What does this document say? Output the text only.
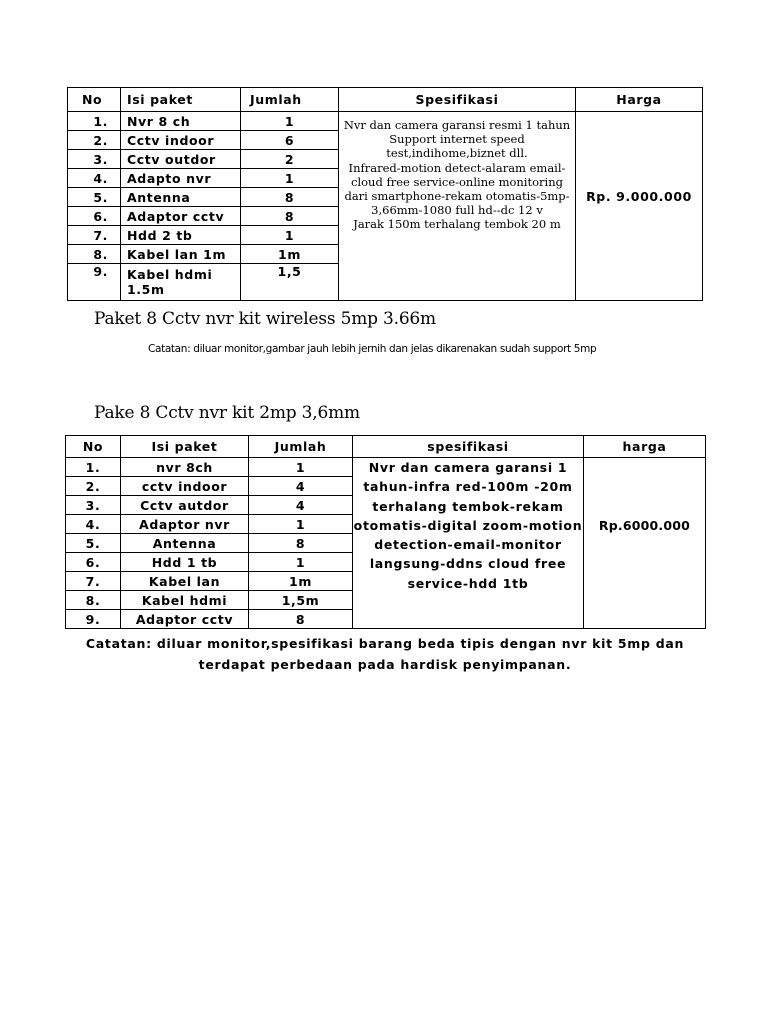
No	Isi paket	Jumlah	Spesifikasi	Harga
1.	Nvr 8 ch	1	Nvr dan camera garansi resmi 1 tahun
Support internet speed test,indihome,biznet dll.
Infrared-motion detect-alaram email-cloud free service-online monitoring dari smartphone-rekam otomatis-5mp-3,66mm-1080 full hd--dc 12 v
Jarak 150m terhalang tembok 20 m	Rp. 9.000.000
2.	Cctv indoor	6		
3.	Cctv outdor	2		
4.	Adapto nvr	1		
5.	Antenna	8		
6.	Adaptor cctv	8		
7.	Hdd 2 tb	1		
8.	Kabel lan 1m	1m		
9.	Kabel hdmi 1.5m	1,5		
Paket 8 Cctv nvr kit wireless 5mp 3.66m
Catatan: diluar monitor,gambar jauh lebih jernih dan jelas dikarenakan sudah support 5mp
Pake 8 Cctv nvr kit 2mp 3,6mm
No	Isi paket	Jumlah	spesifikasi	harga
1.	nvr 8ch	1	Nvr dan camera garansi 1 tahun-infra red-100m -20m terhalang tembok-rekam otomatis-digital zoom-motion detection-email-monitor langsung-ddns cloud free service-hdd 1tb	Rp.6000.000
2.	cctv indoor	4		
3.	Cctv autdor	4		
4.	Adaptor nvr	1		
5.	Antenna	8		
6.	Hdd 1 tb	1		
7.	Kabel lan	1m		
8.	Kabel hdmi	1,5m		
9.	Adaptor cctv	8		
Catatan: diluar monitor,spesifikasi barang beda tipis dengan nvr kit 5mp dan terdapat perbedaan pada hardisk penyimpanan.
